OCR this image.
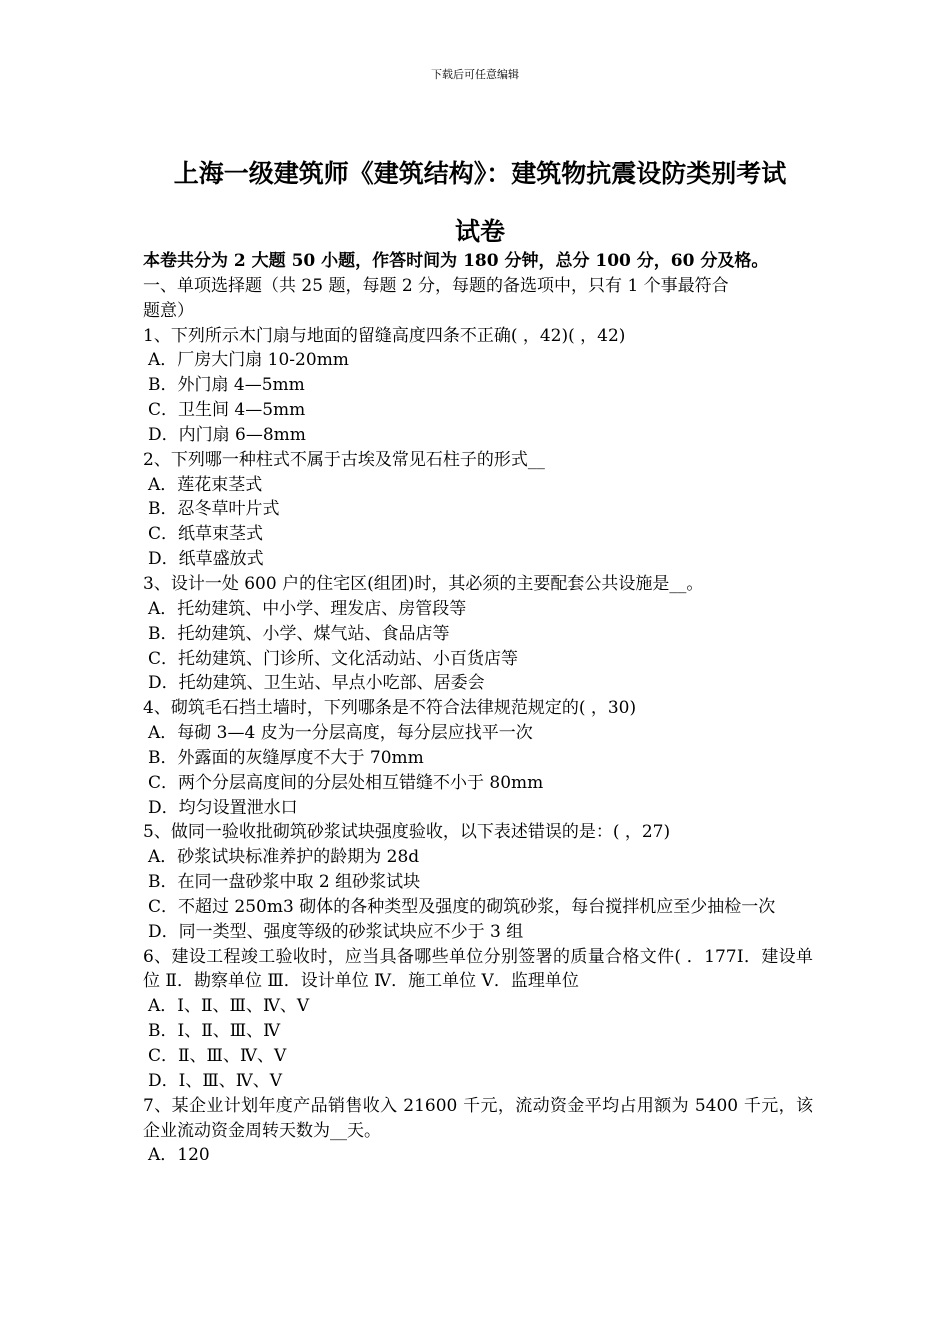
下载后可任意编辑
上海一级建筑师《建筑结构》：建筑物抗震设防类别考试
试卷
本卷共分为 2 大题 50 小题，作答时间为 180 分钟，总分 100 分，60 分及格。
一、单项选择题（共 25 题，每题 2 分，每题的备选项中，只有 1 个事最符合
题意）
1、下列所示木门扇与地面的留缝高度四条不正确( ，42)( ，42)
A．厂房大门扇 10-20mm
B．外门扇 4—5mm
C．卫生间 4—5mm
D．内门扇 6—8mm
2、下列哪一种柱式不属于古埃及常见石柱子的形式__
A．莲花束茎式
B．忍冬草叶片式
C．纸草束茎式
D．纸草盛放式
3、设计一处 600 户的住宅区(组团)时，其必须的主要配套公共设施是__。
A．托幼建筑、中小学、理发店、房管段等
B．托幼建筑、小学、煤气站、食品店等
C．托幼建筑、门诊所、文化活动站、小百货店等
D．托幼建筑、卫生站、早点小吃部、居委会
4、砌筑毛石挡土墙时，下列哪条是不符合法律规范规定的( ，30)
A．每砌 3—4 皮为一分层高度，每分层应找平一次
B．外露面的灰缝厚度不大于 70mm
C．两个分层高度间的分层处相互错缝不小于 80mm
D．均匀设置泄水口
5、做同一验收批砌筑砂浆试块强度验收，以下表述错误的是：( ，27)
A．砂浆试块标准养护的龄期为 28d
B．在同一盘砂浆中取 2 组砂浆试块
C．不超过 250m3 砌体的各种类型及强度的砌筑砂浆，每台搅拌机应至少抽检一次
D．同一类型、强度等级的砂浆试块应不少于 3 组
6、建设工程竣工验收时，应当具备哪些单位分别签署的质量合格文件( ．177Ⅰ．建设单位 Ⅱ．勘察单位 Ⅲ．设计单位 Ⅳ．施工单位 Ⅴ．监理单位
A．Ⅰ、Ⅱ、Ⅲ、Ⅳ、Ⅴ
B．Ⅰ、Ⅱ、Ⅲ、Ⅳ
C．Ⅱ、Ⅲ、Ⅳ、Ⅴ
D．Ⅰ、Ⅲ、Ⅳ、Ⅴ
7、某企业计划年度产品销售收入 21600 千元，流动资金平均占用额为 5400 千元，该企业流动资金周转天数为__天。
A．120
